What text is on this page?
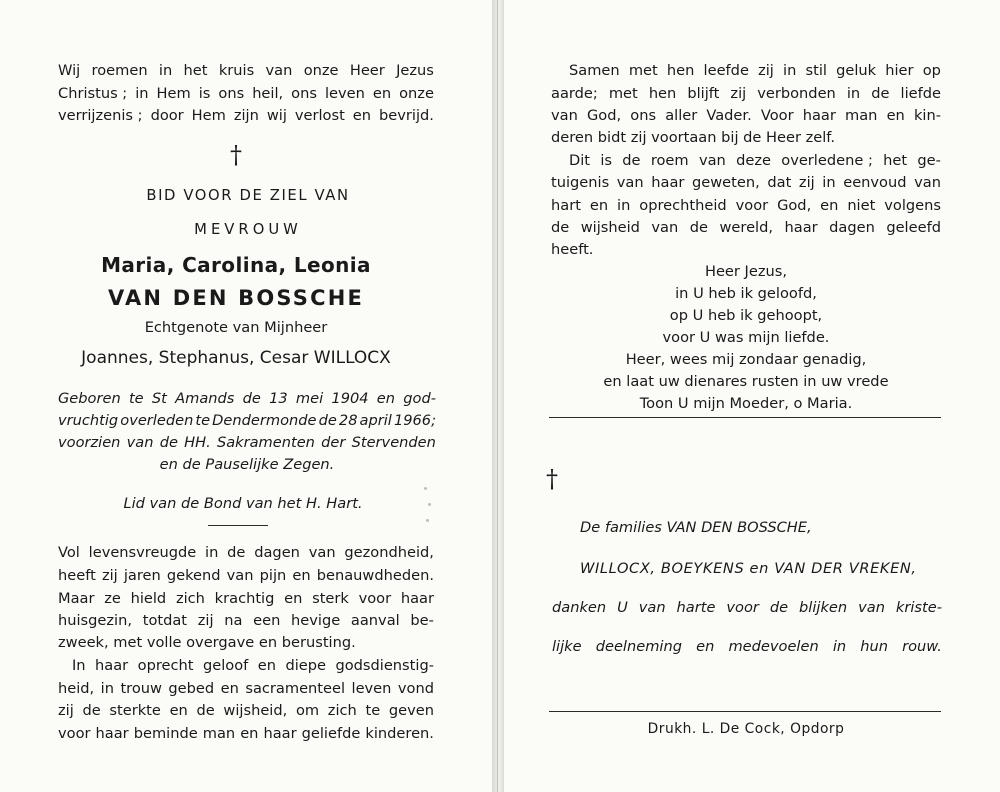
Wij roemen in het kruis van onze Heer Jezus
Christus ; in Hem is ons heil, ons leven en onze
verrijzenis ; door Hem zijn wij verlost en bevrijd.
†
BID VOOR DE ZIEL VAN
MEVROUW
Maria, Carolina, Leonia
VAN DEN BOSSCHE
Echtgenote van Mijnheer
Joannes, Stephanus, Cesar WILLOCX
Geboren te St Amands de 13 mei 1904 en god-
vruchtig overleden te Dendermonde de 28 april 1966;
voorzien van de HH. Sakramenten der Stervenden
en de Pauselijke Zegen.
Lid van de Bond van het H. Hart.
Vol levensvreugde in de dagen van gezondheid,
heeft zij jaren gekend van pijn en benauwdheden.
Maar ze hield zich krachtig en sterk voor haar
huisgezin, totdat zij na een hevige aanval be-
zweek, met volle overgave en berusting.
In haar oprecht geloof en diepe godsdienstig-
heid, in trouw gebed en sacramenteel leven vond
zij de sterkte en de wijsheid, om zich te geven
voor haar beminde man en haar geliefde kinderen.
Samen met hen leefde zij in stil geluk hier op
aarde; met hen blijft zij verbonden in de liefde
van God, ons aller Vader. Voor haar man en kin-
deren bidt zij voortaan bij de Heer zelf.
Dit is de roem van deze overledene ; het ge-
tuigenis van haar geweten, dat zij in eenvoud van
hart en in oprechtheid voor God, en niet volgens
de wijsheid van de wereld, haar dagen geleefd
heeft.
Heer Jezus,
in U heb ik geloofd,
op U heb ik gehoopt,
voor U was mijn liefde.
Heer, wees mij zondaar genadig,
en laat uw dienares rusten in uw vrede
Toon U mijn Moeder, o Maria.
†
De families VAN DEN BOSSCHE,
WILLOCX, BOEYKENS en VAN DER VREKEN,
danken U van harte voor de blijken van kriste-
lijke deelneming en medevoelen in hun rouw.
Drukh. L. De Cock, Opdorp
